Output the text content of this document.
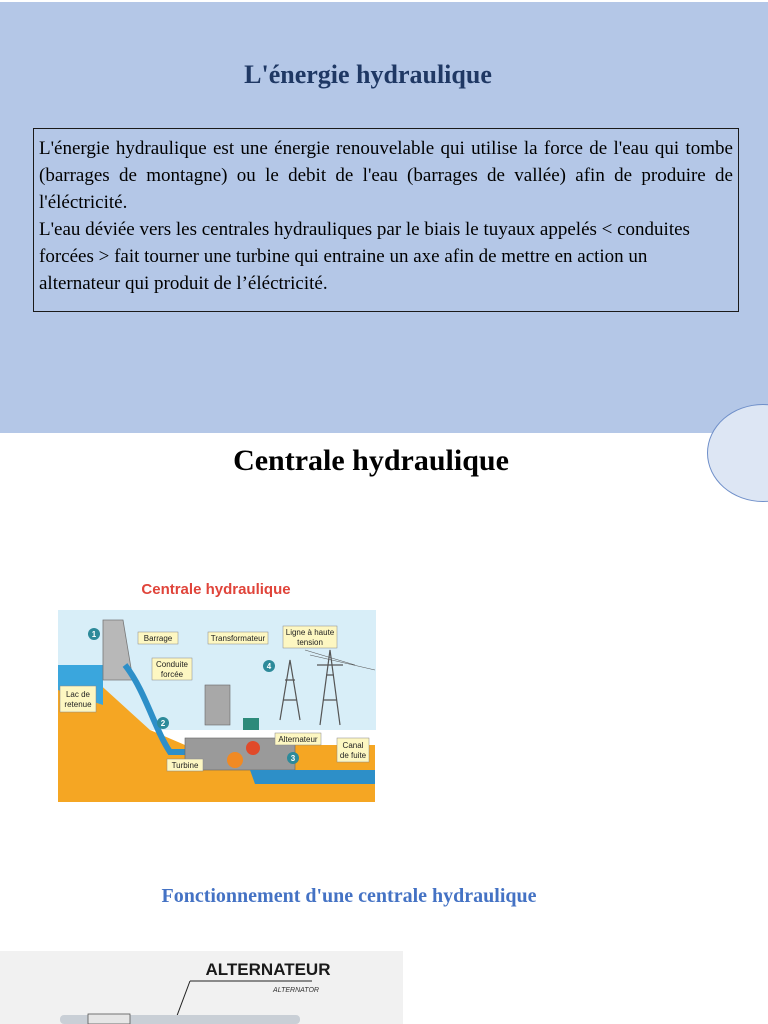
L'énergie hydraulique

L'énergie hydraulique est une énergie renouvelable qui utilise la force de l'eau qui tombe (barrages de montagne) ou le debit de l'eau (barrages de vallée) afin de produire de l'éléctricité.

L'eau déviée vers les centrales hydrauliques par le biais le tuyaux appelés < conduites forcées > fait tourner une turbine qui entraine un axe afin de mettre en action un alternateur qui produit de l’éléctricité.

Centrale hydraulique
Centrale hydraulique
Barrage	Transformateur
Ligne à haute
tension
Conduite
forcée
Lac de
retenue
Alternateur
Canal
de fuite
Turbine
1
2
3
4
Fonctionnement d'une centrale hydraulique
ALTERNATEUR
ALTERNATOR
